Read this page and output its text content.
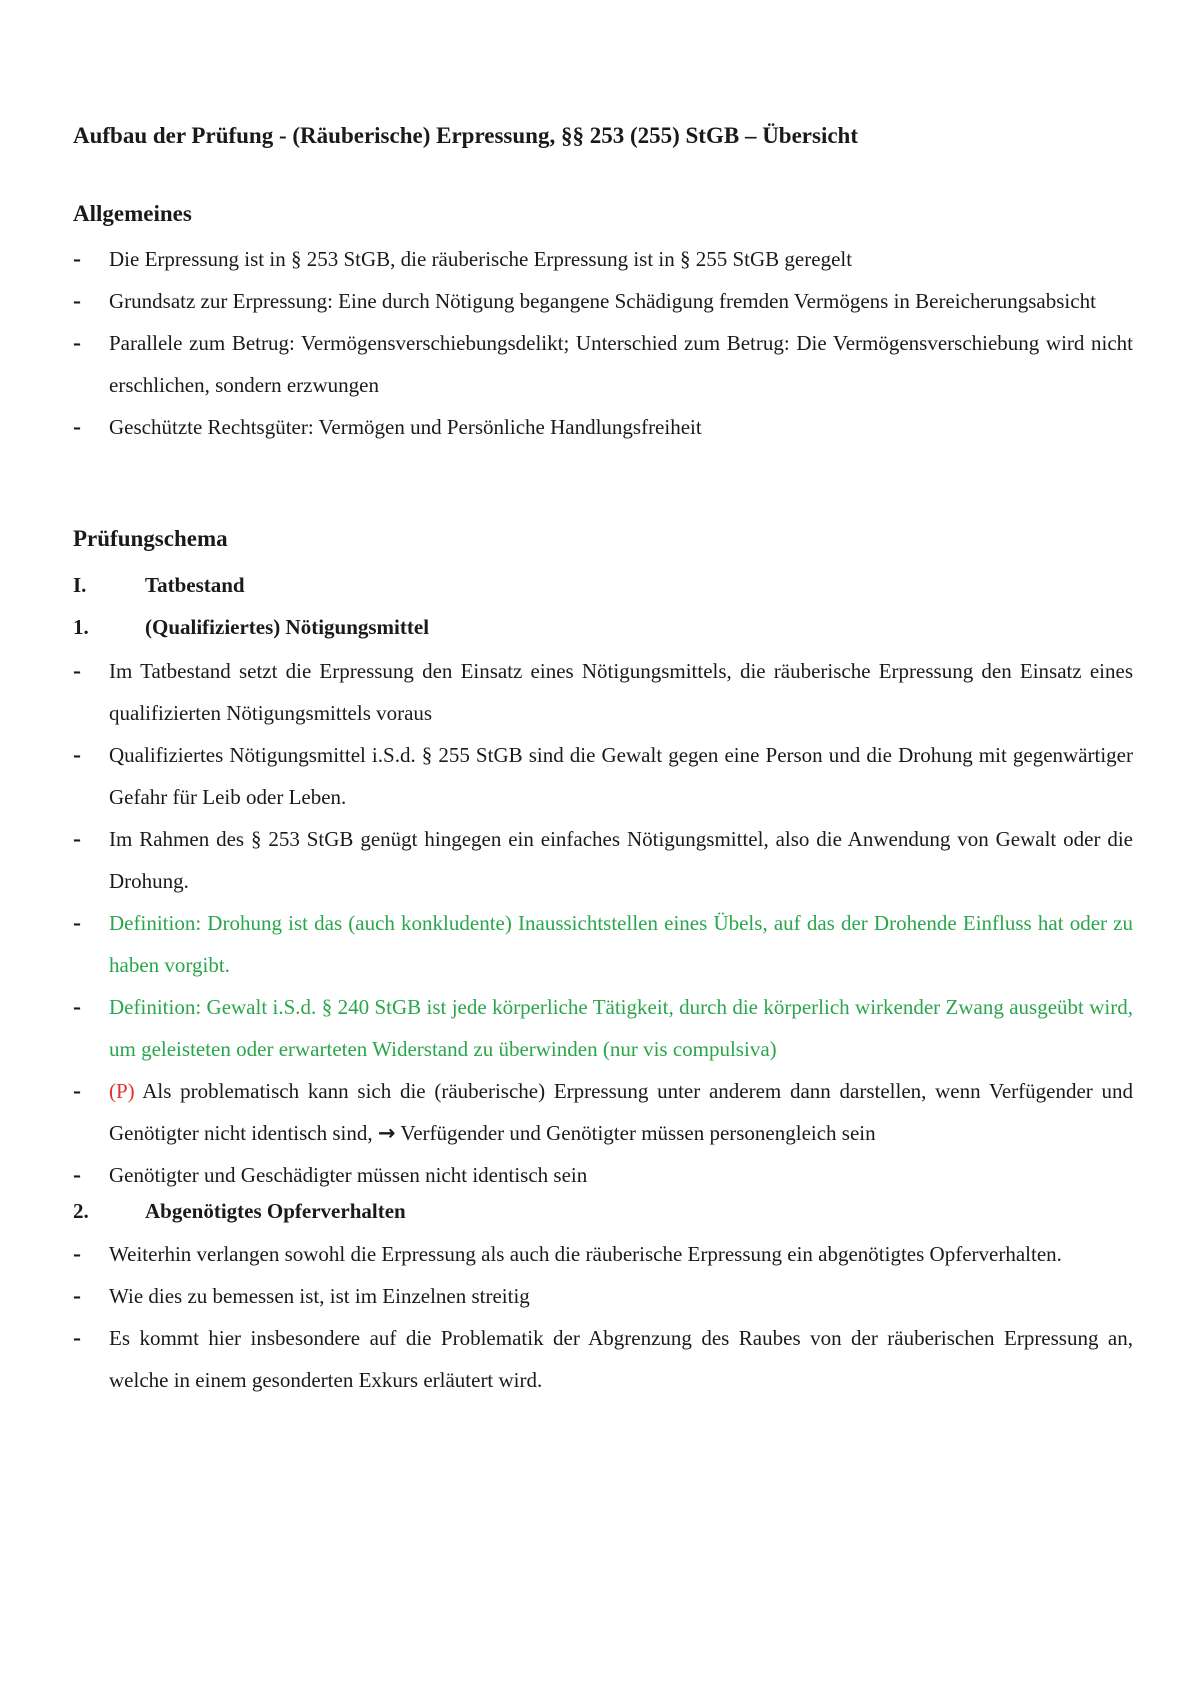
Aufbau der Prüfung - (Räuberische) Erpressung, §§ 253 (255) StGB – Übersicht
Allgemeines
- Die Erpressung ist in § 253 StGB, die räuberische Erpressung ist in § 255 StGB geregelt
- Grundsatz zur Erpressung: Eine durch Nötigung begangene Schädigung fremden Vermögens in Bereicherungsabsicht
- Parallele zum Betrug: Vermögensverschiebungsdelikt; Unterschied zum Betrug: Die Vermögensverschiebung wird nicht erschlichen, sondern erzwungen
- Geschützte Rechtsgüter: Vermögen und Persönliche Handlungsfreiheit
Prüfungschema
I.	Tatbestand
1.	(Qualifiziertes) Nötigungsmittel
- Im Tatbestand setzt die Erpressung den Einsatz eines Nötigungsmittels, die räuberische Erpressung den Einsatz eines qualifizierten Nötigungsmittels voraus
- Qualifiziertes Nötigungsmittel i.S.d. § 255 StGB sind die Gewalt gegen eine Person und die Drohung mit gegenwärtiger Gefahr für Leib oder Leben.
- Im Rahmen des § 253 StGB genügt hingegen ein einfaches Nötigungsmittel, also die Anwendung von Gewalt oder die Drohung.
- Definition: Drohung ist das (auch konkludente) Inaussichtstellen eines Übels, auf das der Drohende Einfluss hat oder zu haben vorgibt.
- Definition: Gewalt i.S.d. § 240 StGB ist jede körperliche Tätigkeit, durch die körperlich wirkender Zwang ausgeübt wird, um geleisteten oder erwarteten Widerstand zu überwinden (nur vis compulsiva)
- (P) Als problematisch kann sich die (räuberische) Erpressung unter anderem dann darstellen, wenn Verfügender und Genötigter nicht identisch sind, → Verfügender und Genötigter müssen personengleich sein
- Genötigter und Geschädigter müssen nicht identisch sein
2.	Abgenötigtes Opferverhalten
- Weiterhin verlangen sowohl die Erpressung als auch die räuberische Erpressung ein abgenötigtes Opferverhalten.
- Wie dies zu bemessen ist, ist im Einzelnen streitig
- Es kommt hier insbesondere auf die Problematik der Abgrenzung des Raubes von der räuberischen Erpressung an, welche in einem gesonderten Exkurs erläutert wird.
